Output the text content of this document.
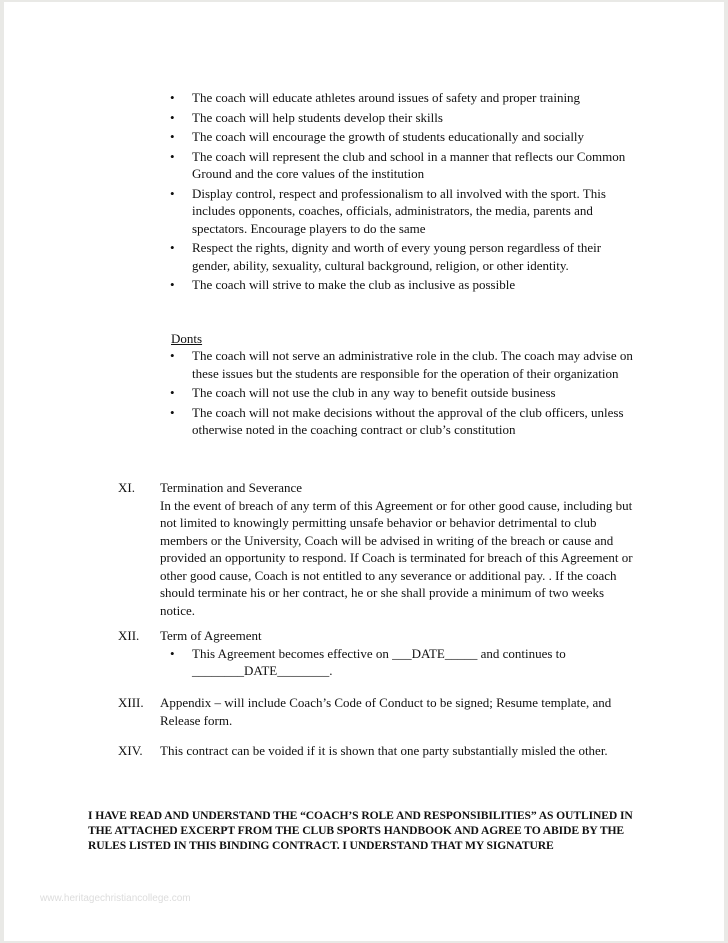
• The coach will educate athletes around issues of safety and proper training
• The coach will help students develop their skills
• The coach will encourage the growth of students educationally and socially
• The coach will represent the club and school in a manner that reflects our Common Ground and the core values of the institution
• Display control, respect and professionalism to all involved with the sport. This includes opponents, coaches, officials, administrators, the media, parents and spectators. Encourage players to do the same
• Respect the rights, dignity and worth of every young person regardless of their gender, ability, sexuality, cultural background, religion, or other identity.
• The coach will strive to make the club as inclusive as possible
Donts
• The coach will not serve an administrative role in the club. The coach may advise on these issues but the students are responsible for the operation of their organization
• The coach will not use the club in any way to benefit outside business
• The coach will not make decisions without the approval of the club officers, unless otherwise noted in the coaching contract or club’s constitution
XI. Termination and Severance
In the event of breach of any term of this Agreement or for other good cause, including but not limited to knowingly permitting unsafe behavior or behavior detrimental to club members or the University, Coach will be advised in writing of the breach or cause and provided an opportunity to respond. If Coach is terminated for breach of this Agreement or other good cause, Coach is not entitled to any severance or additional pay. . If the coach should terminate his or her contract, he or she shall provide a minimum of two weeks notice.
XII. Term of Agreement
• This Agreement becomes effective on ___DATE_____ and continues to ________DATE________.
XIII. Appendix – will include Coach’s Code of Conduct to be signed; Resume template, and Release form.
XIV. This contract can be voided if it is shown that one party substantially misled the other.
I HAVE READ AND UNDERSTAND THE “COACH’S ROLE AND RESPONSIBILITIES” AS OUTLINED IN THE ATTACHED EXCERPT FROM THE CLUB SPORTS HANDBOOK AND AGREE TO ABIDE BY THE RULES LISTED IN THIS BINDING CONTRACT. I UNDERSTAND THAT MY SIGNATURE
www.heritagechristiancollege.com
